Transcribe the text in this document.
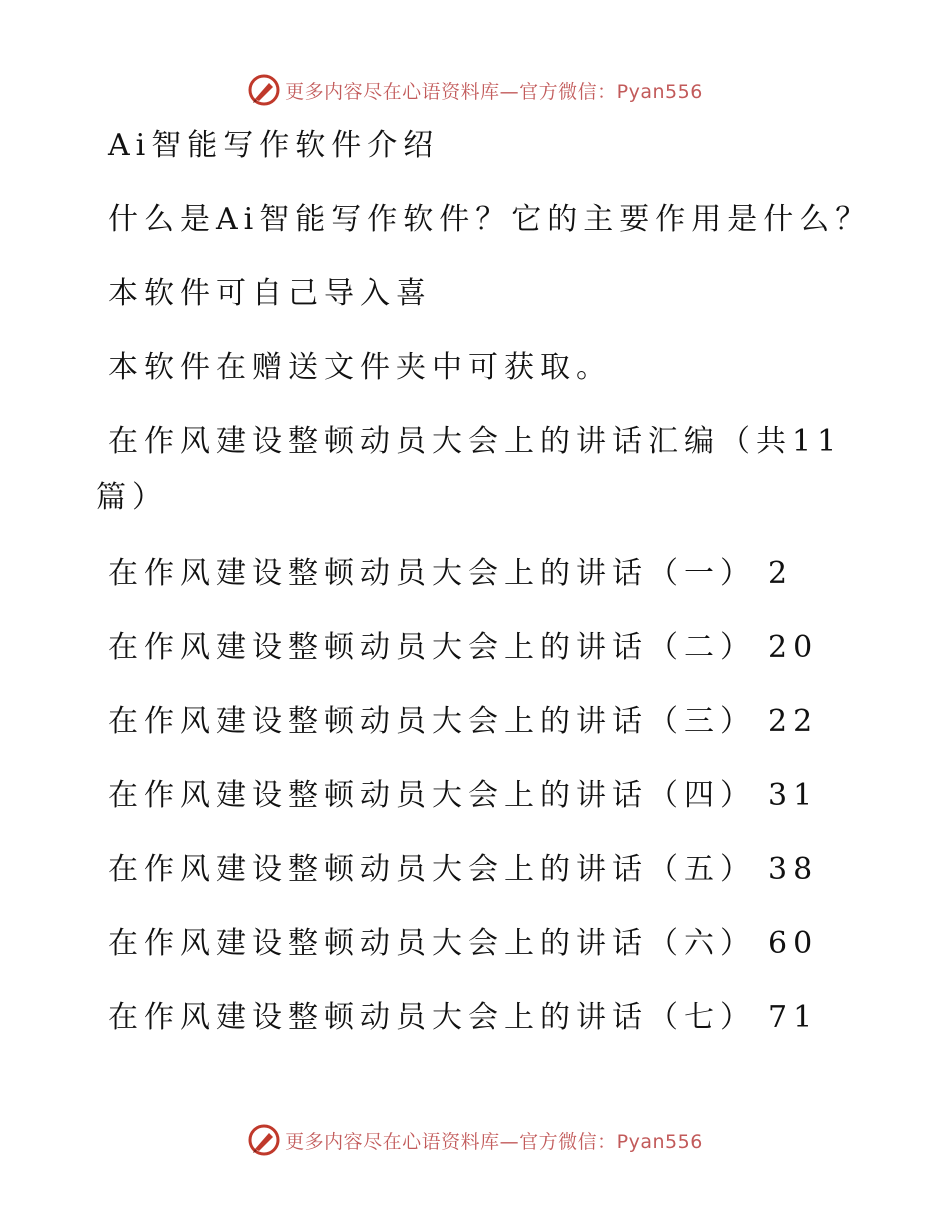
更多内容尽在心语资料库—官方微信：Pyan556
Ai智能写作软件介绍
什么是Ai智能写作软件？它的主要作用是什么？
本软件可自己导入喜
本软件在赠送文件夹中可获取。
在作风建设整顿动员大会上的讲话汇编（共11
篇）
在作风建设整顿动员大会上的讲话（一） 2
在作风建设整顿动员大会上的讲话（二） 20
在作风建设整顿动员大会上的讲话（三） 22
在作风建设整顿动员大会上的讲话（四） 31
在作风建设整顿动员大会上的讲话（五） 38
在作风建设整顿动员大会上的讲话（六） 60
在作风建设整顿动员大会上的讲话（七） 71
更多内容尽在心语资料库—官方微信：Pyan556
